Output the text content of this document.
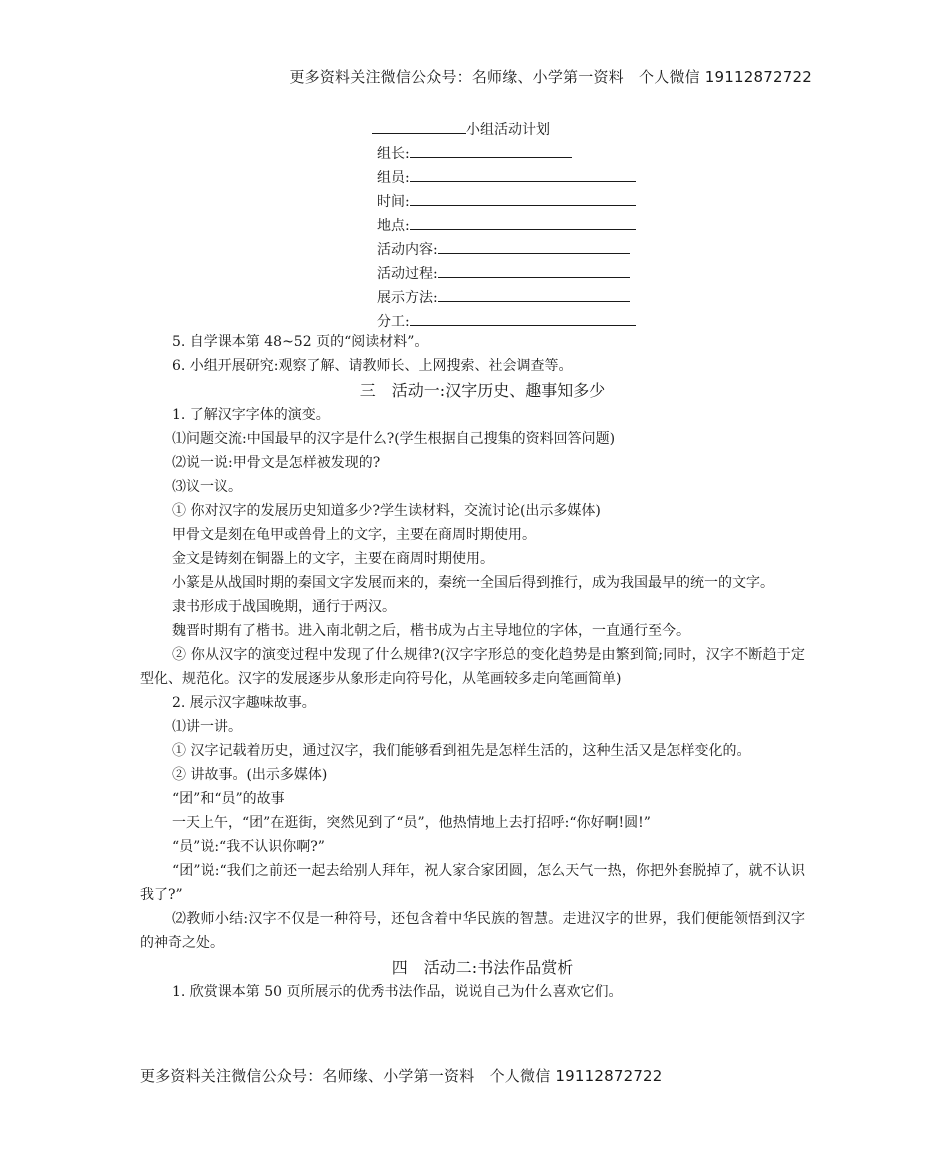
更多资料关注微信公众号：名师缘、小学第一资料　个人微信 19112872722
小组活动计划
组长:
组员:
时间:
地点:
活动内容:
活动过程:
展示方法:
分工:

5. 自学课本第 48~52 页的“阅读材料”。

6. 小组开展研究:观察了解、请教师长、上网搜索、社会调查等。

三　活动一:汉字历史、趣事知多少

1. 了解汉字字体的演变。

⑴问题交流:中国最早的汉字是什么?(学生根据自己搜集的资料回答问题)

⑵说一说:甲骨文是怎样被发现的?

⑶议一议。

① 你对汉字的发展历史知道多少?学生读材料，交流讨论(出示多媒体)

甲骨文是刻在龟甲或兽骨上的文字，主要在商周时期使用。

金文是铸刻在铜器上的文字，主要在商周时期使用。

小篆是从战国时期的秦国文字发展而来的，秦统一全国后得到推行，成为我国最早的统一的文字。

隶书形成于战国晚期，通行于两汉。

魏晋时期有了楷书。进入南北朝之后，楷书成为占主导地位的字体，一直通行至今。

② 你从汉字的演变过程中发现了什么规律?(汉字字形总的变化趋势是由繁到简;同时，汉字不断趋于定型化、规范化。汉字的发展逐步从象形走向符号化，从笔画较多走向笔画简单)

2. 展示汉字趣味故事。

⑴讲一讲。

① 汉字记载着历史，通过汉字，我们能够看到祖先是怎样生活的，这种生活又是怎样变化的。

② 讲故事。(出示多媒体)

“团”和“员”的故事

一天上午，“团”在逛街，突然见到了“员”，他热情地上去打招呼:“你好啊!圆!”

“员”说:“我不认识你啊?”

“团”说:“我们之前还一起去给别人拜年，祝人家合家团圆，怎么天气一热，你把外套脱掉了，就不认识我了?”

⑵教师小结:汉字不仅是一种符号，还包含着中华民族的智慧。走进汉字的世界，我们便能领悟到汉字的神奇之处。

四　活动二:书法作品赏析

1. 欣赏课本第 50 页所展示的优秀书法作品，说说自己为什么喜欢它们。

更多资料关注微信公众号：名师缘、小学第一资料　个人微信 19112872722
